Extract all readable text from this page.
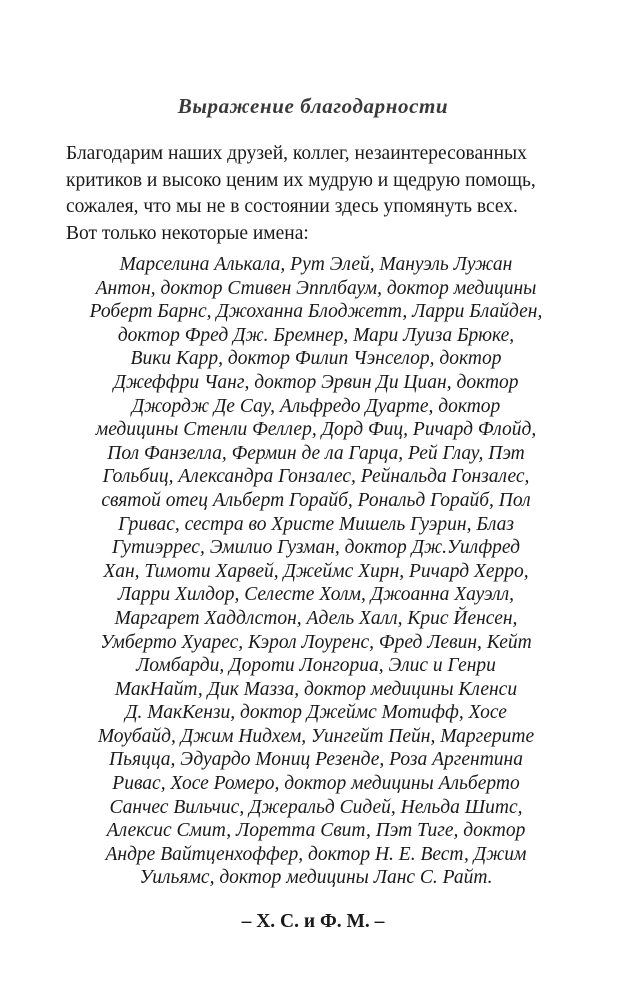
Выражение благодарности
Благодарим наших друзей, коллег, незаинтересованных
критиков и высоко ценим их мудрую и щедрую помощь,
сожалея, что мы не в состоянии здесь упомянуть всех.
Вот только некоторые имена:
Марселина Алькала, Рут Элей, Мануэль Лужан
Антон, доктор Стивен Эпплбаум, доктор медицины
Роберт Барнс, Джоханна Блоджетт, Ларри Блайден,
доктор Фред Дж. Бремнер, Мари Луиза Брюке,
Вики Карр, доктор Филип Чэнселор, доктор
Джеффри Чанг, доктор Эрвин Ди Циан, доктор
Джордж Де Сау, Альфредо Дуарте, доктор
медицины Стенли Феллер, Дорд Фиц, Ричард Флойд,
Пол Фанзелла, Фермин де ла Гарца, Рей Глау, Пэт
Гольбиц, Александра Гонзалес, Рейнальда Гонзалес,
святой отец Альберт Горайб, Рональд Горайб, Пол
Гривас, сестра во Христе Мишель Гуэрин, Блаз
Гутиэррес, Эмилио Гузман, доктор Дж.Уилфред
Хан, Тимоти Харвей, Джеймс Хирн, Ричард Херро,
Ларри Хилдор, Селесте Холм, Джоанна Хауэлл,
Маргарет Хаддлстон, Адель Халл, Крис Йенсен,
Умберто Хуарес, Кэрол Лоуренс, Фред Левин, Кейт
Ломбарди, Дороти Лонгориа, Элис и Генри
МакНайт, Дик Мазза, доктор медицины Кленси
Д. МакКензи, доктор Джеймс Мотифф, Хосе
Моубайд, Джим Нидхем, Уингейт Пейн, Маргерите
Пьяцца, Эдуардо Мониц Резенде, Роза Аргентина
Ривас, Хосе Ромеро, доктор медицины Альберто
Санчес Вильчис, Джеральд Сидей, Нельда Шитс,
Алексис Смит, Лоретта Свит, Пэт Тиге, доктор
Андре Вайтценхоффер, доктор Н. Е. Вест, Джим
Уильямс, доктор медицины Ланс С. Райт.
– Х. С. и Ф. М. –
